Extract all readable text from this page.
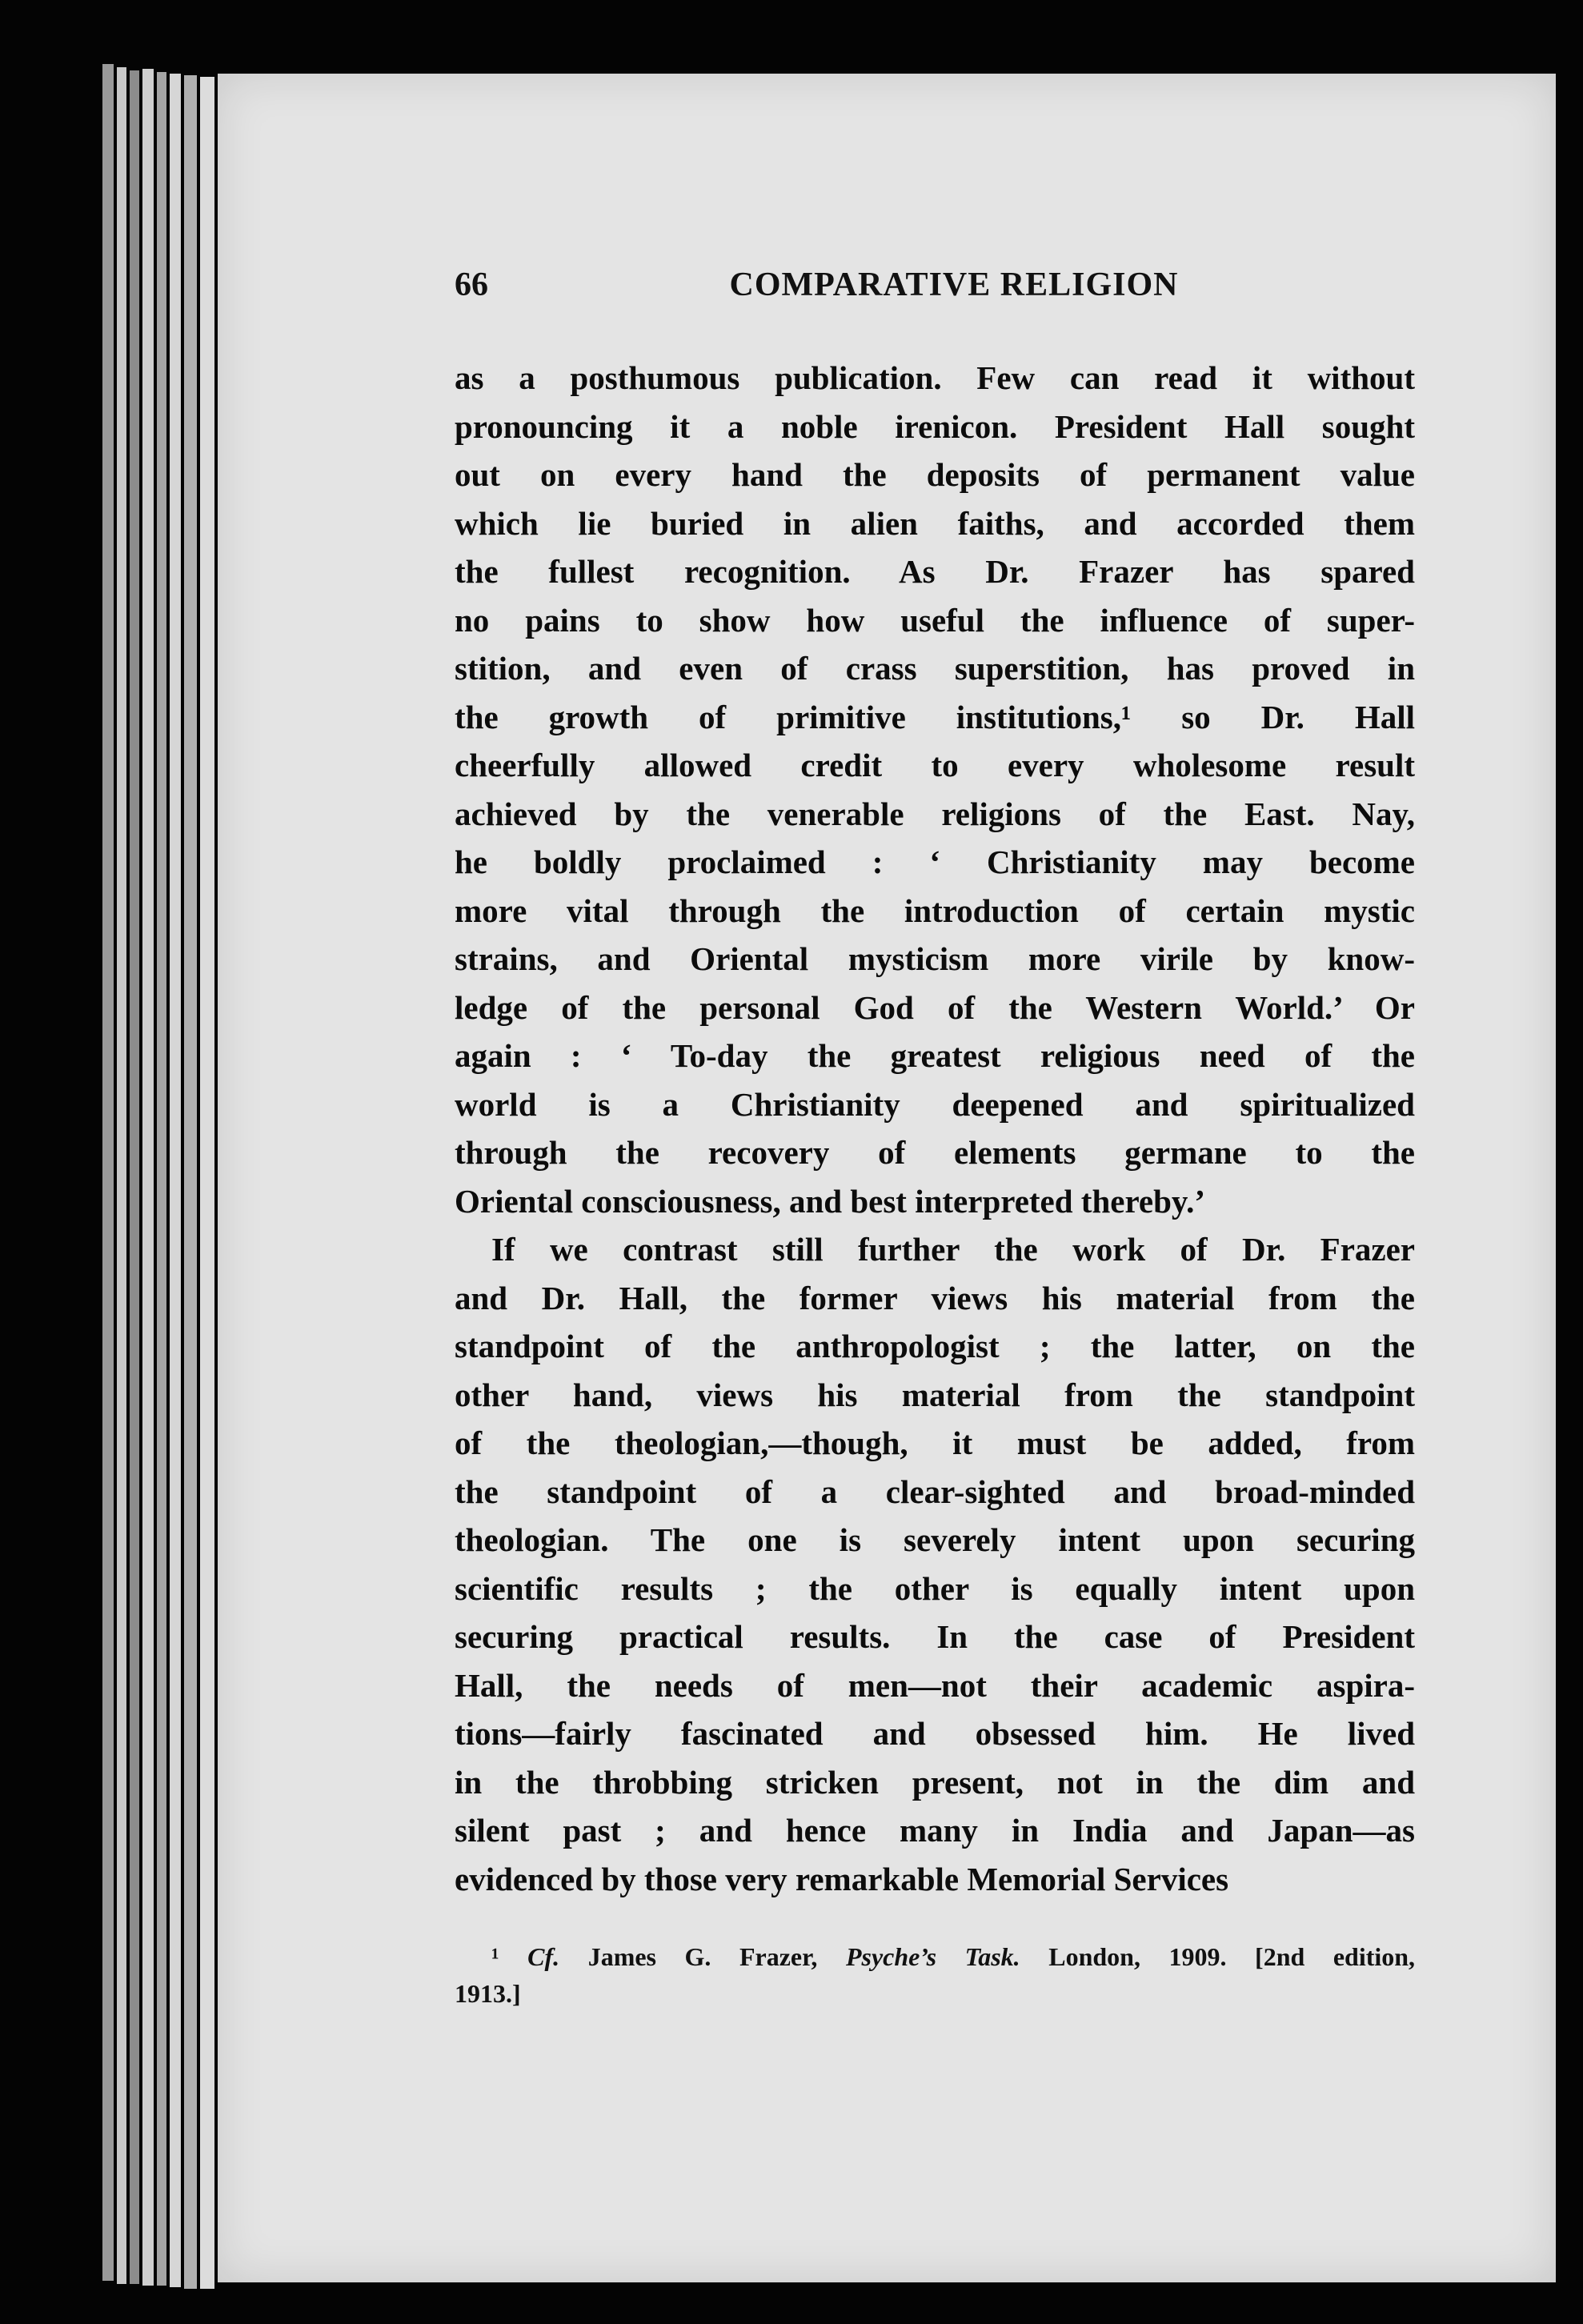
66	COMPARATIVE RELIGION

as a posthumous publication. Few can read it without
pronouncing it a noble irenicon. President Hall sought
out on every hand the deposits of permanent value
which lie buried in alien faiths, and accorded them
the fullest recognition. As Dr. Frazer has spared
no pains to show how useful the influence of super-
stition, and even of crass superstition, has proved in
the growth of primitive institutions,¹ so Dr. Hall
cheerfully allowed credit to every wholesome result
achieved by the venerable religions of the East. Nay,
he boldly proclaimed : ‘ Christianity may become
more vital through the introduction of certain mystic
strains, and Oriental mysticism more virile by know-
ledge of the personal God of the Western World.’ Or
again : ‘ To-day the greatest religious need of the
world is a Christianity deepened and spiritualized
through the recovery of elements germane to the
Oriental consciousness, and best interpreted thereby.’

If we contrast still further the work of Dr. Frazer
and Dr. Hall, the former views his material from the
standpoint of the anthropologist ; the latter, on the
other hand, views his material from the standpoint
of the theologian,—though, it must be added, from
the standpoint of a clear-sighted and broad-minded
theologian. The one is severely intent upon securing
scientific results ; the other is equally intent upon
securing practical results. In the case of President
Hall, the needs of men—not their academic aspira-
tions—fairly fascinated and obsessed him. He lived
in the throbbing stricken present, not in the dim and
silent past ; and hence many in India and Japan—as
evidenced by those very remarkable Memorial Services

¹ Cf. James G. Frazer, Psyche’s Task. London, 1909. [2nd edition,
1913.]
